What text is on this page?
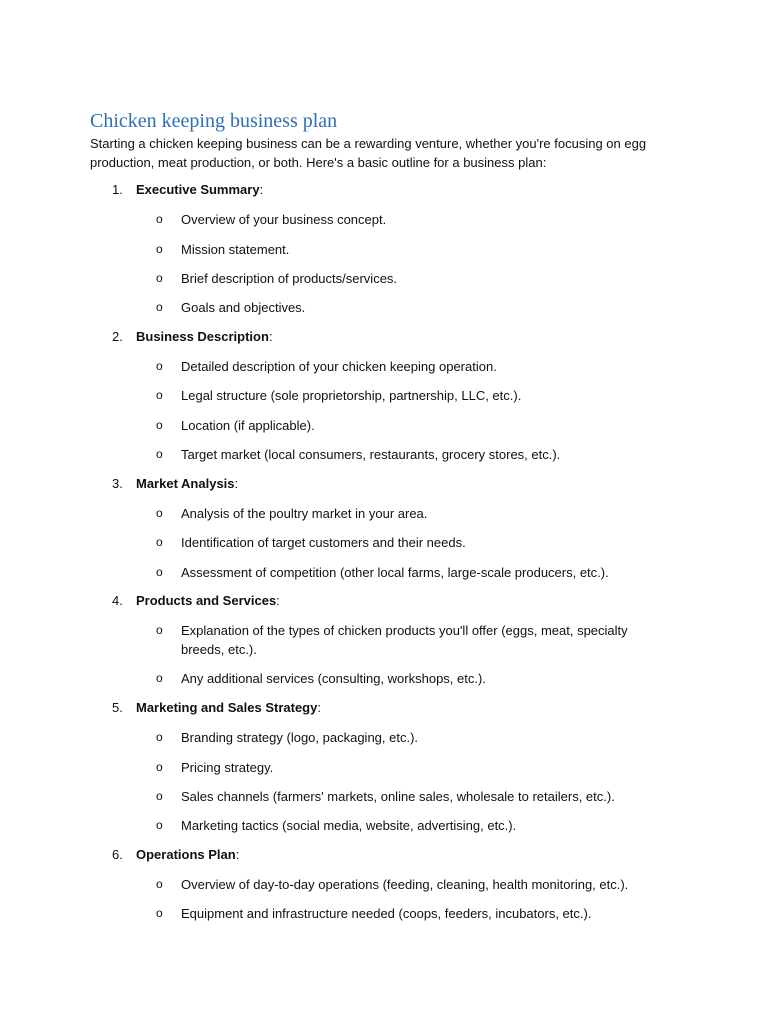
Chicken keeping business plan
Starting a chicken keeping business can be a rewarding venture, whether you're focusing on egg production, meat production, or both. Here's a basic outline for a business plan:
1.	Executive Summary:
o Overview of your business concept.
o Mission statement.
o Brief description of products/services.
o Goals and objectives.
2.	Business Description:
o Detailed description of your chicken keeping operation.
o Legal structure (sole proprietorship, partnership, LLC, etc.).
o Location (if applicable).
o Target market (local consumers, restaurants, grocery stores, etc.).
3.	Market Analysis:
o Analysis of the poultry market in your area.
o Identification of target customers and their needs.
o Assessment of competition (other local farms, large-scale producers, etc.).
4.	Products and Services:
o Explanation of the types of chicken products you'll offer (eggs, meat, specialty breeds, etc.).
o Any additional services (consulting, workshops, etc.).
5.	Marketing and Sales Strategy:
o Branding strategy (logo, packaging, etc.).
o Pricing strategy.
o Sales channels (farmers' markets, online sales, wholesale to retailers, etc.).
o Marketing tactics (social media, website, advertising, etc.).
6.	Operations Plan:
o Overview of day-to-day operations (feeding, cleaning, health monitoring, etc.).
o Equipment and infrastructure needed (coops, feeders, incubators, etc.).
